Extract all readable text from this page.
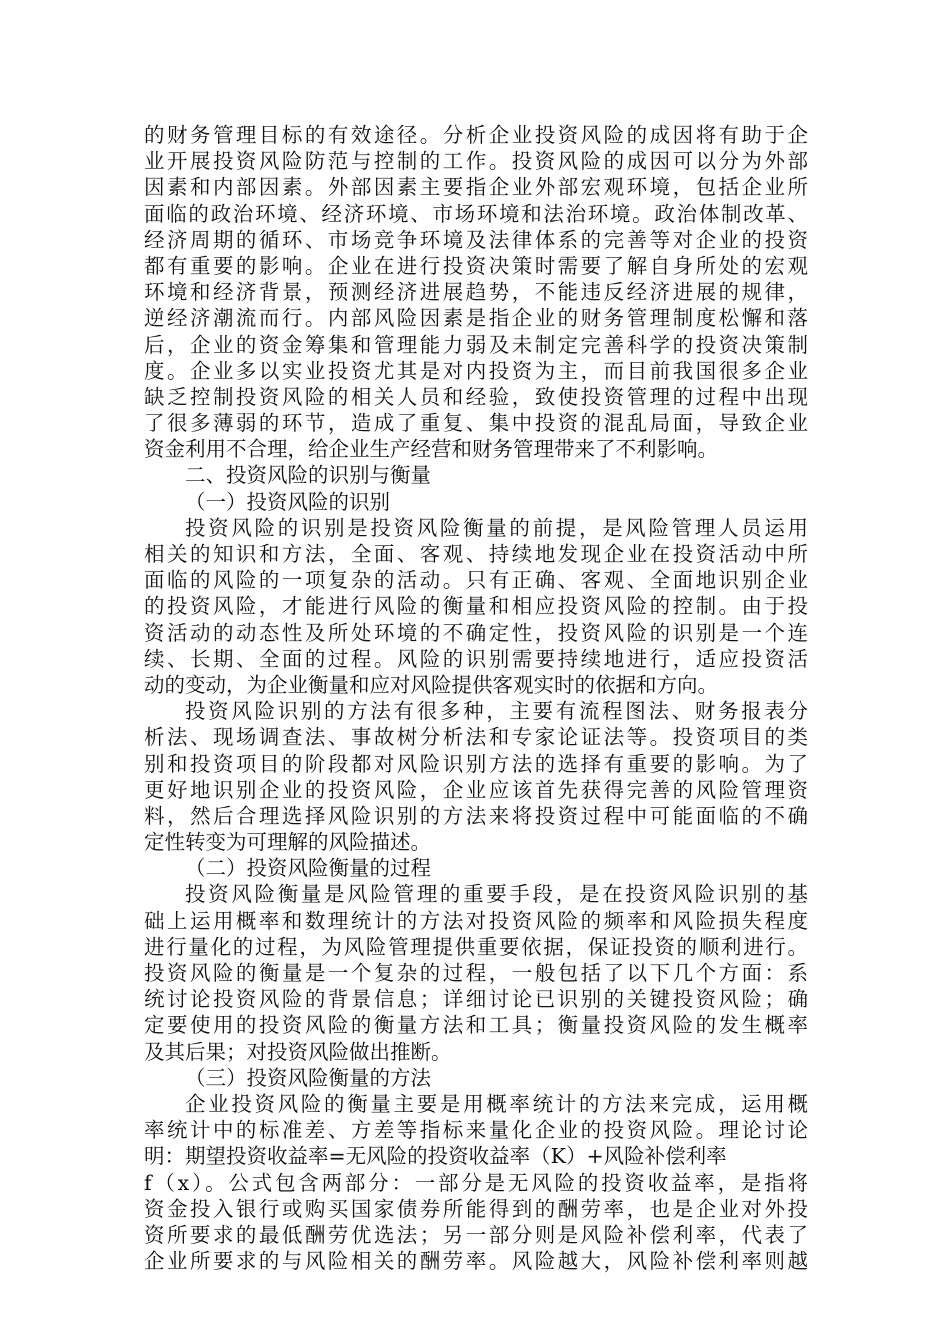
的财务管理目标的有效途径。分析企业投资风险的成因将有助于企
业开展投资风险防范与控制的工作。投资风险的成因可以分为外部
因素和内部因素。外部因素主要指企业外部宏观环境，包括企业所
面临的政治环境、经济环境、市场环境和法治环境。政治体制改革、
经济周期的循环、市场竞争环境及法律体系的完善等对企业的投资
都有重要的影响。企业在进行投资决策时需要了解自身所处的宏观
环境和经济背景，预测经济进展趋势，不能违反经济进展的规律，
逆经济潮流而行。内部风险因素是指企业的财务管理制度松懈和落
后，企业的资金筹集和管理能力弱及未制定完善科学的投资决策制
度。企业多以实业投资尤其是对内投资为主，而目前我国很多企业
缺乏控制投资风险的相关人员和经验，致使投资管理的过程中出现
了很多薄弱的环节，造成了重复、集中投资的混乱局面，导致企业
资金利用不合理，给企业生产经营和财务管理带来了不利影响。
二、投资风险的识别与衡量
（一）投资风险的识别
投资风险的识别是投资风险衡量的前提，是风险管理人员运用
相关的知识和方法，全面、客观、持续地发现企业在投资活动中所
面临的风险的一项复杂的活动。只有正确、客观、全面地识别企业
的投资风险，才能进行风险的衡量和相应投资风险的控制。由于投
资活动的动态性及所处环境的不确定性，投资风险的识别是一个连
续、长期、全面的过程。风险的识别需要持续地进行，适应投资活
动的变动，为企业衡量和应对风险提供客观实时的依据和方向。
投资风险识别的方法有很多种，主要有流程图法、财务报表分
析法、现场调查法、事故树分析法和专家论证法等。投资项目的类
别和投资项目的阶段都对风险识别方法的选择有重要的影响。为了
更好地识别企业的投资风险，企业应该首先获得完善的风险管理资
料，然后合理选择风险识别的方法来将投资过程中可能面临的不确
定性转变为可理解的风险描述。
（二）投资风险衡量的过程
投资风险衡量是风险管理的重要手段，是在投资风险识别的基
础上运用概率和数理统计的方法对投资风险的频率和风险损失程度
进行量化的过程，为风险管理提供重要依据，保证投资的顺利进行。
投资风险的衡量是一个复杂的过程，一般包括了以下几个方面：系
统讨论投资风险的背景信息；详细讨论已识别的关键投资风险；确
定要使用的投资风险的衡量方法和工具；衡量投资风险的发生概率
及其后果；对投资风险做出推断。
（三）投资风险衡量的方法
企业投资风险的衡量主要是用概率统计的方法来完成，运用概
率统计中的标准差、方差等指标来量化企业的投资风险。理论讨论
明：期望投资收益率=无风险的投资收益率（K）+风险补偿利率
f（x）。公式包含两部分：一部分是无风险的投资收益率，是指将
资金投入银行或购买国家债券所能得到的酬劳率，也是企业对外投
资所要求的最低酬劳优选法；另一部分则是风险补偿利率，代表了
企业所要求的与风险相关的酬劳率。风险越大，风险补偿利率则越
